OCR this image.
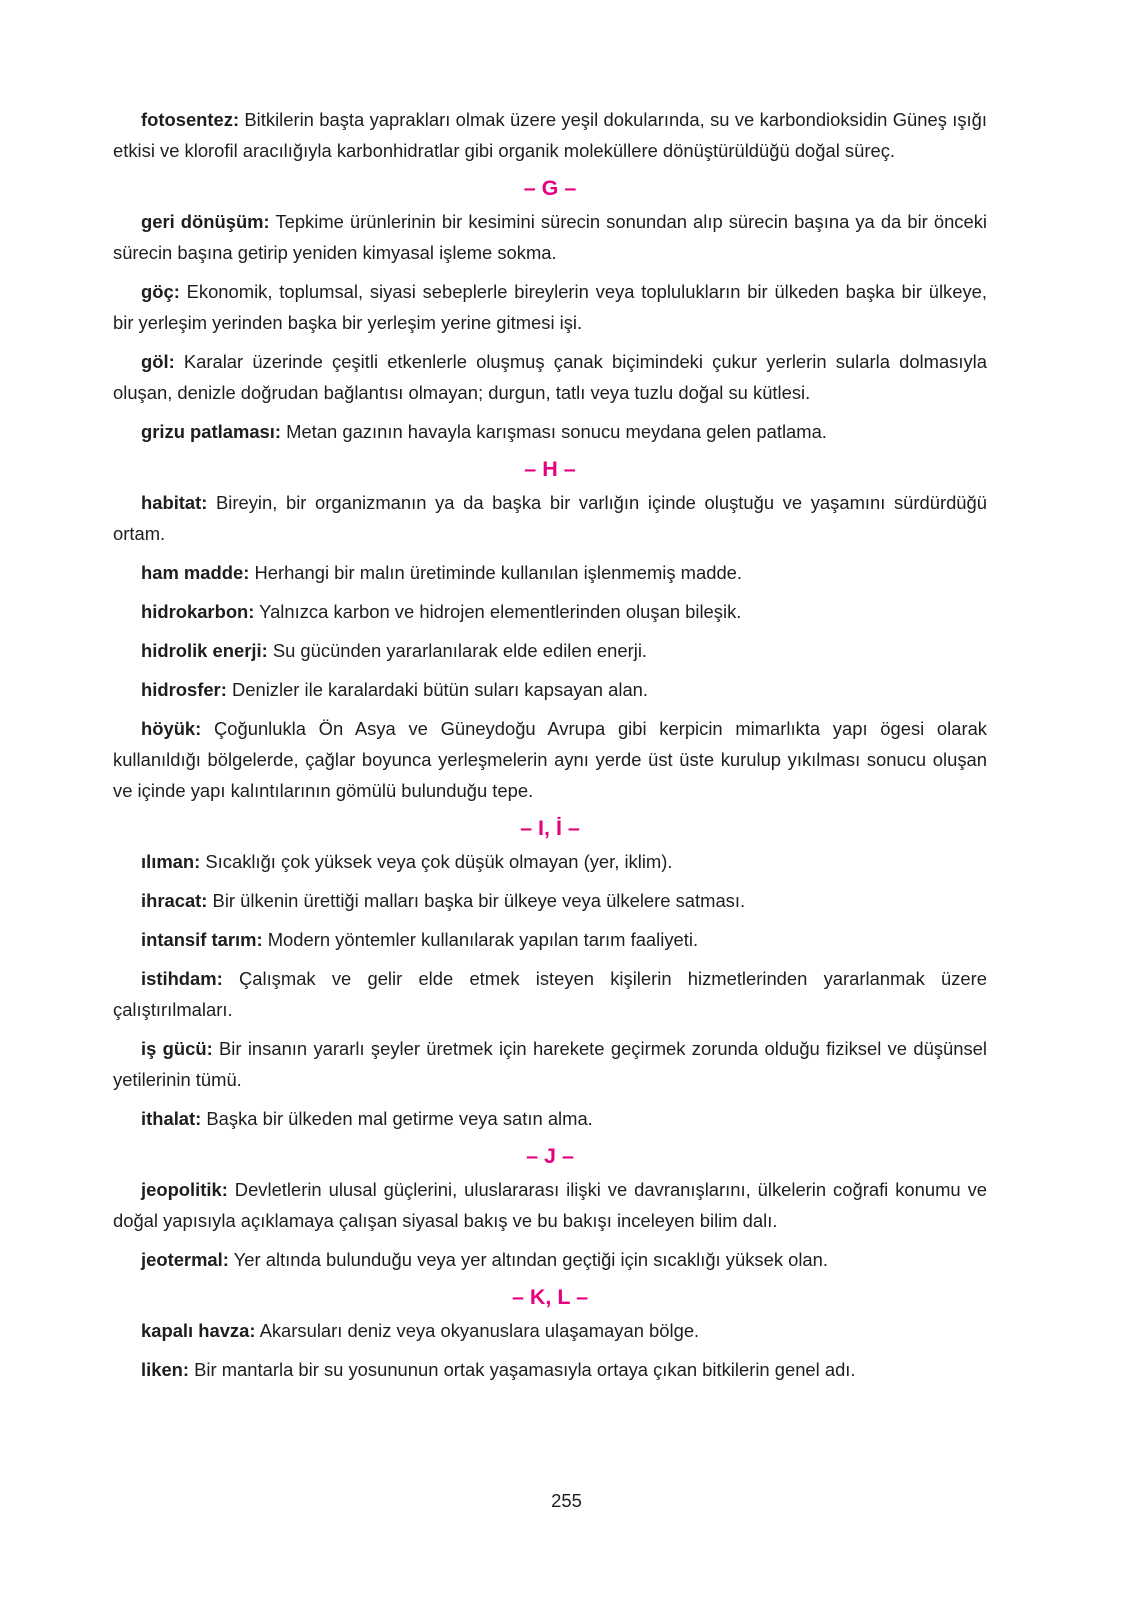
fotosentez: Bitkilerin başta yaprakları olmak üzere yeşil dokularında, su ve karbondioksidin Güneş ışığı etkisi ve klorofil aracılığıyla karbonhidratlar gibi organik moleküllere dönüştürüldüğü doğal süreç.

– G –

geri dönüşüm: Tepkime ürünlerinin bir kesimini sürecin sonundan alıp sürecin başına ya da bir önceki sürecin başına getirip yeniden kimyasal işleme sokma.

göç: Ekonomik, toplumsal, siyasi sebeplerle bireylerin veya toplulukların bir ülkeden başka bir ülkeye, bir yerleşim yerinden başka bir yerleşim yerine gitmesi işi.

göl: Karalar üzerinde çeşitli etkenlerle oluşmuş çanak biçimindeki çukur yerlerin sularla dolmasıyla oluşan, denizle doğrudan bağlantısı olmayan; durgun, tatlı veya tuzlu doğal su kütlesi.

grizu patlaması: Metan gazının havayla karışması sonucu meydana gelen patlama.

– H –

habitat: Bireyin, bir organizmanın ya da başka bir varlığın içinde oluştuğu ve yaşamını sürdürdüğü ortam.

ham madde: Herhangi bir malın üretiminde kullanılan işlenmemiş madde.

hidrokarbon: Yalnızca karbon ve hidrojen elementlerinden oluşan bileşik.

hidrolik enerji: Su gücünden yararlanılarak elde edilen enerji.

hidrosfer: Denizler ile karalardaki bütün suları kapsayan alan.

höyük: Çoğunlukla Ön Asya ve Güneydoğu Avrupa gibi kerpicin mimarlıkta yapı ögesi olarak kullanıldığı bölgelerde, çağlar boyunca yerleşmelerin aynı yerde üst üste kurulup yıkılması sonucu oluşan ve içinde yapı kalıntılarının gömülü bulunduğu tepe.

– I, İ –

ılıman: Sıcaklığı çok yüksek veya çok düşük olmayan (yer, iklim).

ihracat: Bir ülkenin ürettiği malları başka bir ülkeye veya ülkelere satması.

intansif tarım: Modern yöntemler kullanılarak yapılan tarım faaliyeti.

istihdam: Çalışmak ve gelir elde etmek isteyen kişilerin hizmetlerinden yararlanmak üzere çalıştırılmaları.

iş gücü: Bir insanın yararlı şeyler üretmek için harekete geçirmek zorunda olduğu fiziksel ve düşünsel yetilerinin tümü.

ithalat: Başka bir ülkeden mal getirme veya satın alma.

– J –

jeopolitik: Devletlerin ulusal güçlerini, uluslararası ilişki ve davranışlarını, ülkelerin coğrafi konumu ve doğal yapısıyla açıklamaya çalışan siyasal bakış ve bu bakışı inceleyen bilim dalı.

jeotermal: Yer altında bulunduğu veya yer altından geçtiği için sıcaklığı yüksek olan.

– K, L –

kapalı havza: Akarsuları deniz veya okyanuslara ulaşamayan bölge.

liken: Bir mantarla bir su yosununun ortak yaşamasıyla ortaya çıkan bitkilerin genel adı.

255
